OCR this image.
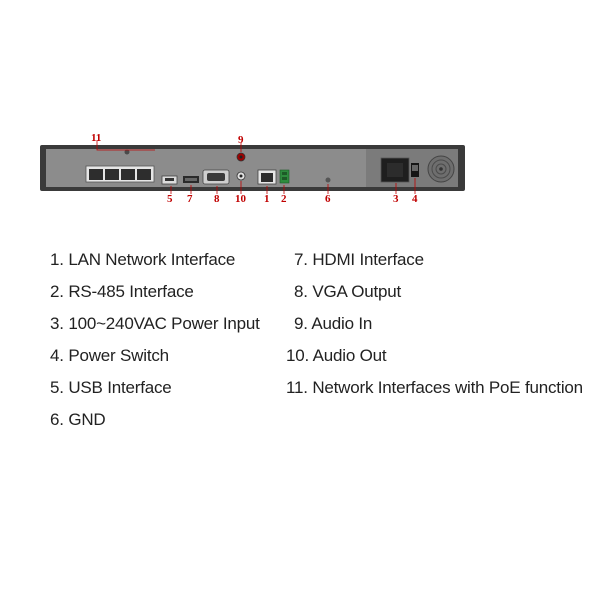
11	9
5 7 8 10 1 2	6	3 4
1. LAN Network Interface
2. RS-485 Interface
3. 100~240VAC Power Input
4. Power Switch
5. USB Interface
6. GND
7. HDMI Interface
8. VGA Output
9. Audio In
10. Audio Out
11. Network Interfaces with PoE function
